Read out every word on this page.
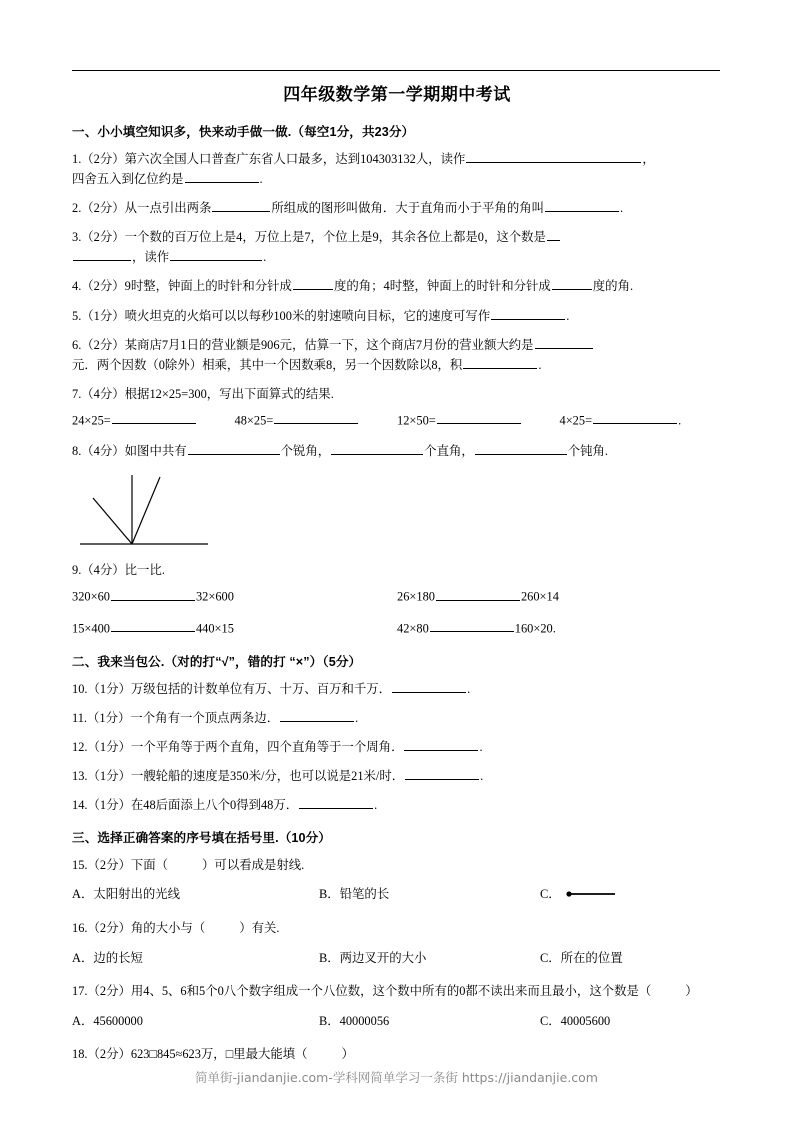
四年级数学第一学期期中考试
一、小小填空知识多，快来动手做一做.（每空1分，共23分）
1.（2分）第六次全国人口普查广东省人口最多，达到104303132人，读作	，
四舍五入到亿位约是	.
2.（2分）从一点引出两条	所组成的图形叫做角．大于直角而小于平角的角叫	.
3.（2分）一个数的百万位上是4，万位上是7，个位上是9，其余各位上都是0，这个数是
，读作	.
4.（2分）9时整，钟面上的时针和分针成	度的角；4时整，钟面上的时针和分针成	度的角.
5.（1分）喷火坦克的火焰可以以每秒100米的射速喷向目标，它的速度可写作	.
6.（2分）某商店7月1日的营业额是906元，估算一下，这个商店7月份的营业额大约是
元．两个因数（0除外）相乘，其中一个因数乘8，另一个因数除以8，积	.
7.（4分）根据12×25=300，写出下面算式的结果.
24×25=	48×25=	12×50=	4×25=	.
8.（4分）如图中共有	个锐角，	个直角，	个钝角.
9.（4分）比一比.
320×60	32×600	26×180	260×14
15×400	440×15	42×80	160×20.
二、我来当包公.（对的打“√”，错的打 “×”）（5分）
10.（1分）万级包括的计数单位有万、十万、百万和千万．	.
11.（1分）一个角有一个顶点两条边．	.
12.（1分）一个平角等于两个直角，四个直角等于一个周角．	.
13.（1分）一艘轮船的速度是350米/分，也可以说是21米/时．	.
14.（1分）在48后面添上八个0得到48万．	.
三、选择正确答案的序号填在括号里.（10分）
15.（2分）下面（	）可以看成是射线.
A．太阳射出的光线	B．铅笔的长	C．
16.（2分）角的大小与（	）有关.
A．边的长短	B．两边叉开的大小	C．所在的位置
17.（2分）用4、5、6和5个0八个数字组成一个八位数，这个数中所有的0都不读出来而且最小，这个数是（	）
A．45600000	B．40000056	C．40005600
18.（2分）623□845≈623万，□里最大能填（	）
简单街-jiandanjie.com-学科网简单学习一条街 https://jiandanjie.com
